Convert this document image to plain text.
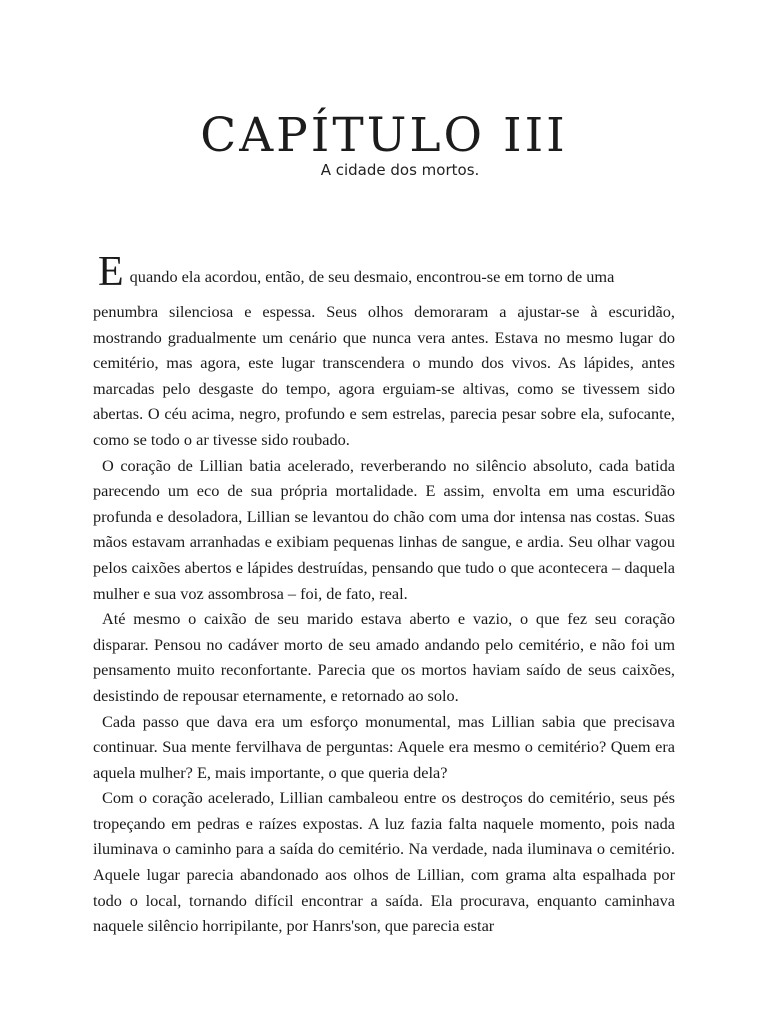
CAPÍTULO III
A cidade dos mortos.

Equando ela acordou, então, de seu desmaio, encontrou-se em torno de uma
penumbra silenciosa e espessa. Seus olhos demoraram a ajustar-se à escuridão, mostrando gradualmente um cenário que nunca vera antes. Estava no mesmo lugar do cemitério, mas agora, este lugar transcendera o mundo dos vivos. As lápides, antes marcadas pelo desgaste do tempo, agora erguiam-se altivas, como se tivessem sido abertas. O céu acima, negro, profundo e sem estrelas, parecia pesar sobre ela, sufocante, como se todo o ar tivesse sido roubado.

O coração de Lillian batia acelerado, reverberando no silêncio absoluto, cada batida parecendo um eco de sua própria mortalidade. E assim, envolta em uma escuridão profunda e desoladora, Lillian se levantou do chão com uma dor intensa nas costas. Suas mãos estavam arranhadas e exibiam pequenas linhas de sangue, e ardia. Seu olhar vagou pelos caixões abertos e lápides destruídas, pensando que tudo o que acontecera – daquela mulher e sua voz assombrosa – foi, de fato, real.

Até mesmo o caixão de seu marido estava aberto e vazio, o que fez seu coração disparar. Pensou no cadáver morto de seu amado andando pelo cemitério, e não foi um pensamento muito reconfortante. Parecia que os mortos haviam saído de seus caixões, desistindo de repousar eternamente, e retornado ao solo.

Cada passo que dava era um esforço monumental, mas Lillian sabia que precisava continuar. Sua mente fervilhava de perguntas: Aquele era mesmo o cemitério? Quem era aquela mulher? E, mais importante, o que queria dela?

Com o coração acelerado, Lillian cambaleou entre os destroços do cemitério, seus pés tropeçando em pedras e raízes expostas. A luz fazia falta naquele momento, pois nada iluminava o caminho para a saída do cemitério. Na verdade, nada iluminava o cemitério. Aquele lugar parecia abandonado aos olhos de Lillian, com grama alta espalhada por todo o local, tornando difícil encontrar a saída. Ela procurava, enquanto caminhava naquele silêncio horripilante, por Hanrs'son, que parecia estar
